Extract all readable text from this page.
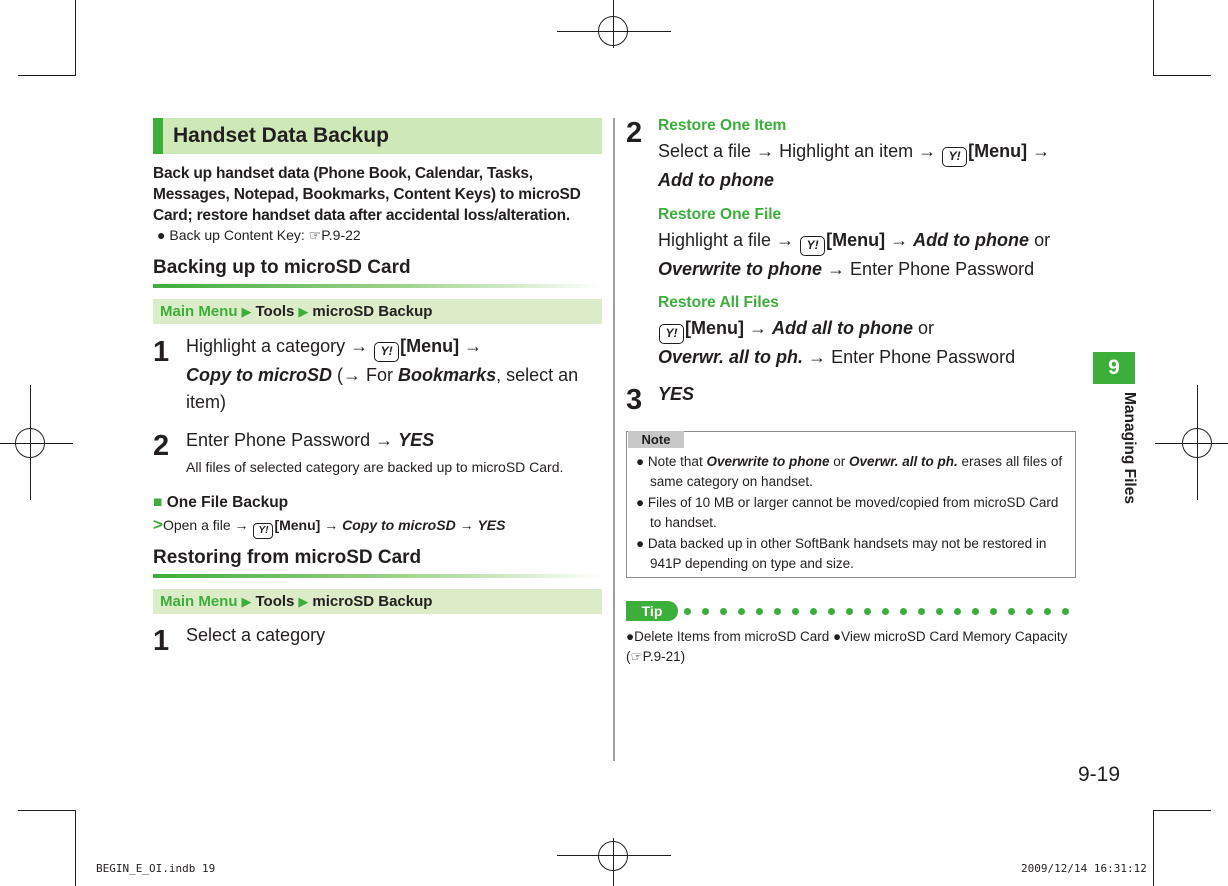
Handset Data Backup
Back up handset data (Phone Book, Calendar, Tasks, Messages, Notepad, Bookmarks, Content Keys) to microSD Card; restore handset data after accidental loss/alteration.
● Back up Content Key: ☞P.9-22
Backing up to microSD Card
Main Menu ▶ Tools ▶ microSD Backup
1 Highlight a category → Y! [Menu] →
Copy to microSD (→ For Bookmarks, select an
item)
2 Enter Phone Password → YES
All files of selected category are backed up to microSD Card.
■ One File Backup
>Open a file → Y! [Menu] → Copy to microSD → YES
Restoring from microSD Card
Main Menu ▶ Tools ▶ microSD Backup
1 Select a category
2 Restore One Item
Select a file → Highlight an item → Y! [Menu] →
Add to phone
Restore One File
Highlight a file → Y! [Menu] → Add to phone or
Overwrite to phone → Enter Phone Password
Restore All Files
Y! [Menu] → Add all to phone or
Overwr. all to ph. → Enter Phone Password
3 YES
Note
● Note that Overwrite to phone or Overwr. all to ph. erases all files of same category on handset.
● Files of 10 MB or larger cannot be moved/copied from microSD Card to handset.
● Data backed up in other SoftBank handsets may not be restored in 941P depending on type and size.
Tip
●Delete Items from microSD Card ●View microSD Card Memory Capacity
(☞P.9-21)
9
Managing Files
9-19
BEGIN_E_OI.indb 19	2009/12/14 16:31:12
